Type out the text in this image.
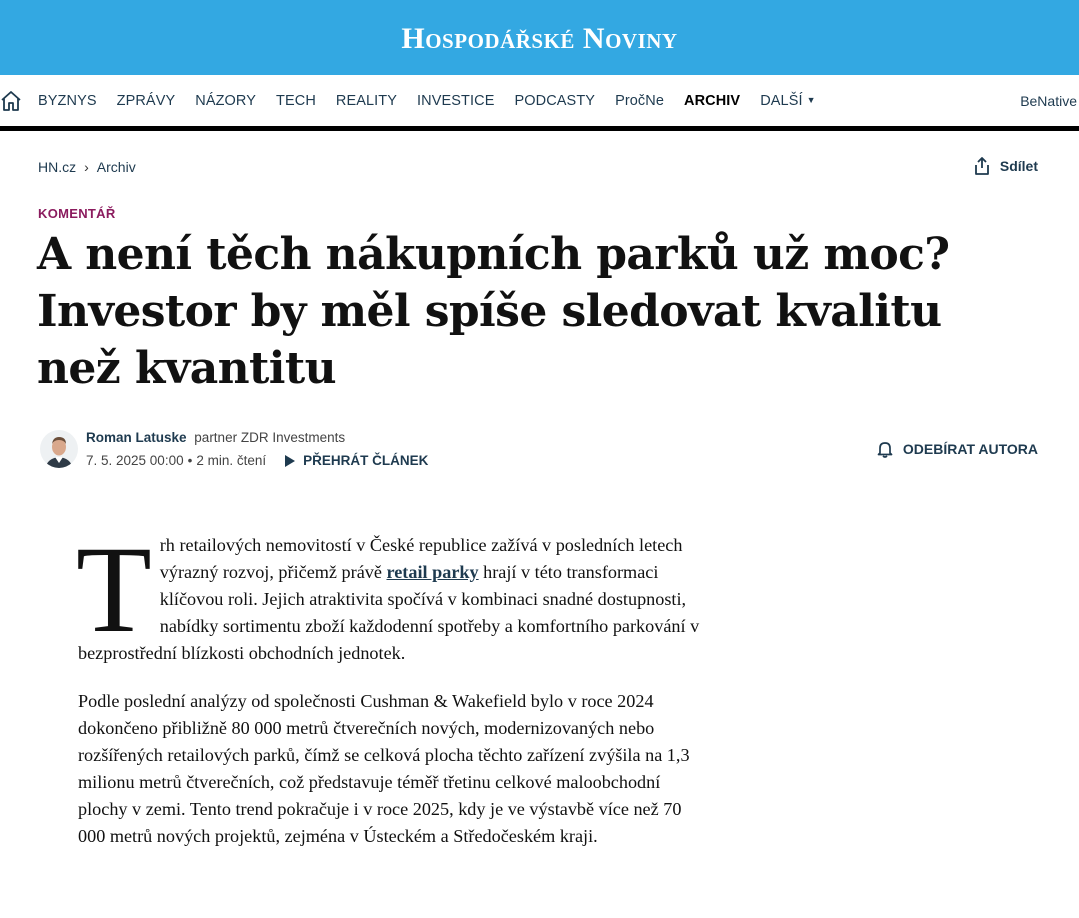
Hospodářské Noviny
BYZNYS ZPRÁVY NÁZORY TECH REALITY INVESTICE PODCASTY PročNe ARCHIV DALŠÍ ▼	BeNative
HN.cz › Archiv	Sdílet
KOMENTÁŘ
A není těch nákupních parků už moc? Investor by měl spíše sledovat kvalitu než kvantitu
Roman Latuske partner ZDR Investments
7. 5. 2025 00:00 • 2 min. čtení	PŘEHRÁT ČLÁNEK
ODEBÍRAT AUTORA

Trh retailových nemovitostí v České republice zažívá v posledních letech výrazný rozvoj, přičemž právě retail parky hrají v této transformaci klíčovou roli. Jejich atraktivita spočívá v kombinaci snadné dostupnosti, nabídky sortimentu zboží každodenní spotřeby a komfortního parkování v bezprostřední blízkosti obchodních jednotek.

Podle poslední analýzy od společnosti Cushman & Wakefield bylo v roce 2024 dokončeno přibližně 80 000 metrů čtverečních nových, modernizovaných nebo rozšířených retailových parků, čímž se celková plocha těchto zařízení zvýšila na 1,3 milionu metrů čtverečních, což představuje téměř třetinu celkové maloobchodní plochy v zemi. Tento trend pokračuje i v roce 2025, kdy je ve výstavbě více než 70 000 metrů nových projektů, zejména v Ústeckém a Středočeském kraji.
